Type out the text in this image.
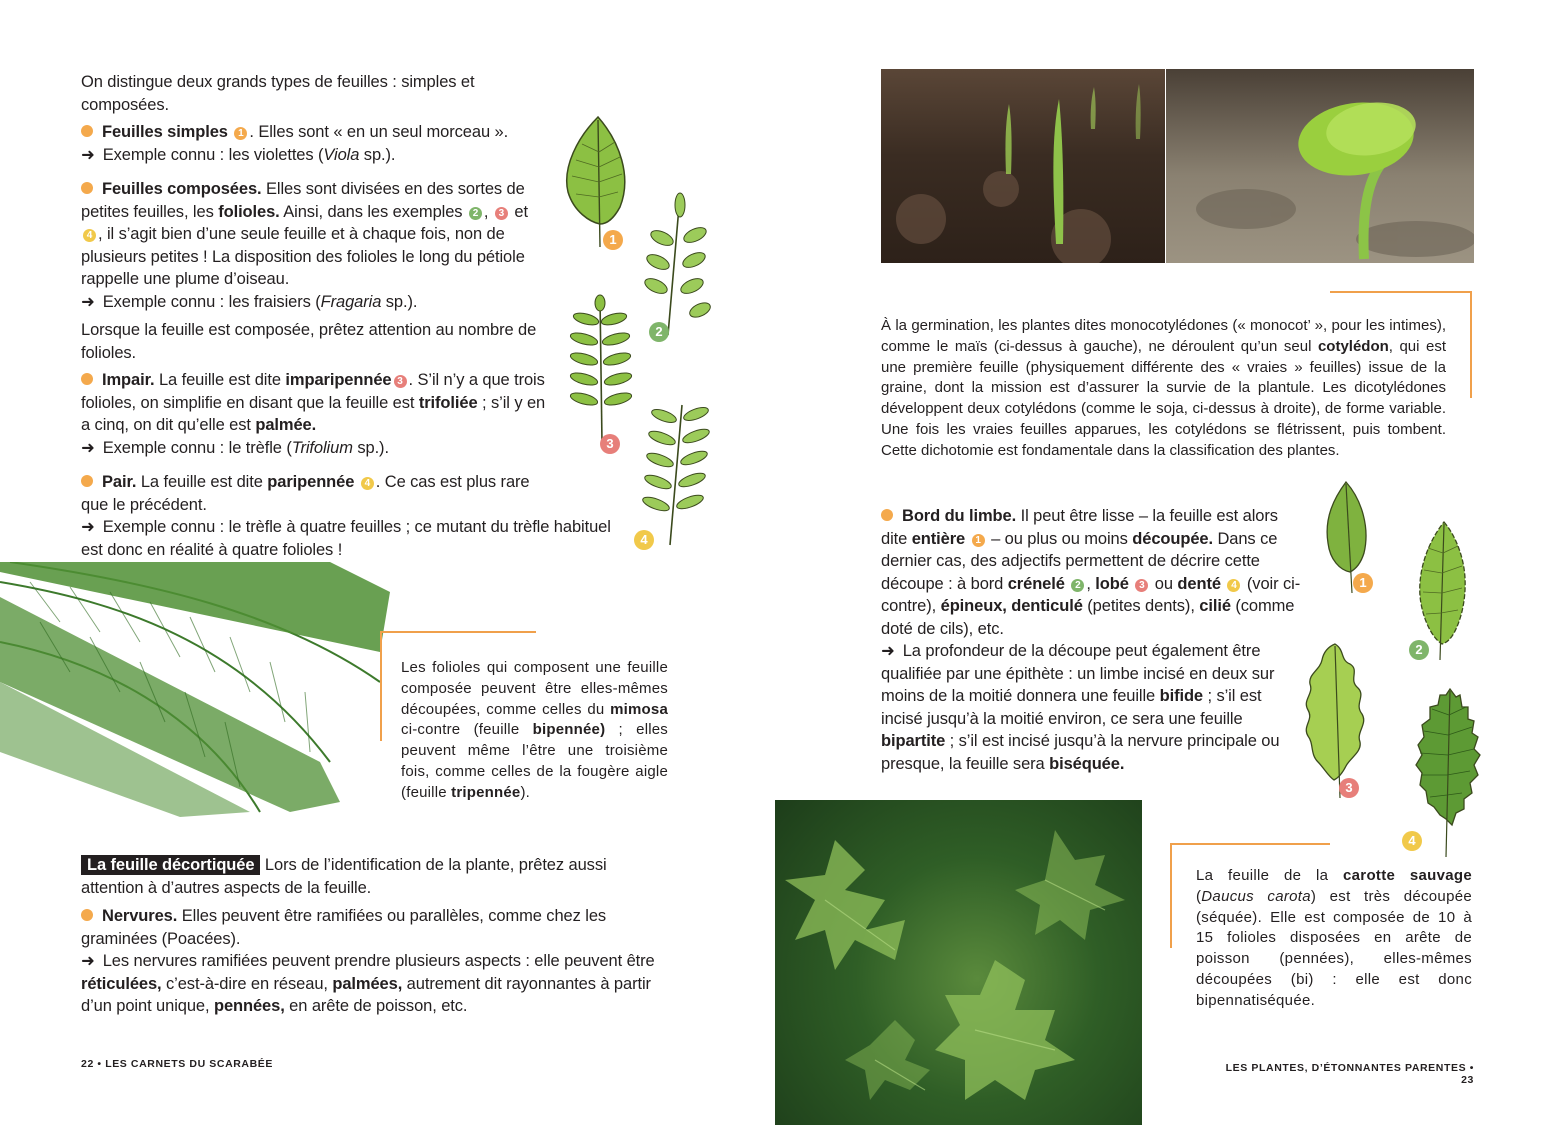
On distingue deux grands types de feuilles : simples et composées.

Feuilles simples 1 . Elles sont « en un seul morceau ».

➜ Exemple connu : les violettes (Viola sp.).

Feuilles composées. Elles sont divisées en des sortes de petites feuilles, les folioles. Ainsi, dans les exemples 2 , 3 et 4 , il s’agit bien d’une seule feuille et à chaque fois, non de plusieurs petites ! La disposition des folioles le long du pétiole rappelle une plume d’oiseau.

➜ Exemple connu : les fraisiers (Fragaria sp.).

Lorsque la feuille est composée, prêtez attention au nombre de folioles.

Impair. La feuille est dite imparipennée 3 . S’il n’y a que trois folioles, on simplifie en disant que la feuille est trifoliée ; s’il y en a cinq, on dit qu’elle est palmée.

➜ Exemple connu : le trèfle (Trifolium sp.).

Pair. La feuille est dite paripennée 4 . Ce cas est plus rare que le précédent.

➜ Exemple connu : le trèfle à quatre feuilles ; ce mutant du trèfle habituel est donc en réalité à quatre folioles !

1
2
3
4
Les folioles qui composent une feuille composée peuvent être elles-mêmes découpées, comme celles du mimosa ci-contre (feuille bipennée) ; elles peuvent même l’être une troisième fois, comme celles de la fougère aigle (feuille tripennée).

La feuille décortiquée Lors de l’identification de la plante, prêtez aussi attention à d’autres aspects de la feuille.

Nervures. Elles peuvent être ramifiées ou parallèles, comme chez les graminées (Poacées).

➜ Les nervures ramifiées peuvent prendre plusieurs aspects : elle peuvent être réticulées, c’est-à-dire en réseau, palmées, autrement dit rayonnantes à partir d’un point unique, pennées, en arête de poisson, etc.

22 • LES CARNETS DU SCARABÉE
À la germination, les plantes dites monocotylédones (« monocot’ », pour les intimes), comme le maïs (ci-dessus à gauche), ne déroulent qu’un seul cotylédon, qui est une première feuille (physiquement différente des « vraies » feuilles) issue de la graine, dont la mission est d’assurer la survie de la plantule. Les dicotylédones développent deux cotylédons (comme le soja, ci-dessus à droite), de forme variable. Une fois les vraies feuilles apparues, les cotylédons se flétrissent, puis tombent. Cette dichotomie est fondamentale dans la classification des plantes.

Bord du limbe. Il peut être lisse – la feuille est alors dite entière 1 – ou plus ou moins découpée. Dans ce dernier cas, des adjectifs permettent de décrire cette découpe : à bord crénelé 2 , lobé 3 ou denté 4 (voir ci-contre), épineux, denticulé (petites dents), cilié (comme doté de cils), etc.

➜ La profondeur de la découpe peut également être qualifiée par une épithète : un limbe incisé en deux sur moins de la moitié donnera une feuille bifide ; s’il est incisé jusqu’à la moitié environ, ce sera une feuille bipartite ; s’il est incisé jusqu’à la nervure principale ou presque, la feuille sera biséquée.

1
2
3
4
La feuille de la carotte sauvage (Daucus carota) est très découpée (séquée). Elle est composée de 10 à 15 folioles disposées en arête de poisson (pennées), elles-mêmes découpées (bi) : elle est donc bipennatiséquée.
LES PLANTES, D’ÉTONNANTES PARENTES • 23
